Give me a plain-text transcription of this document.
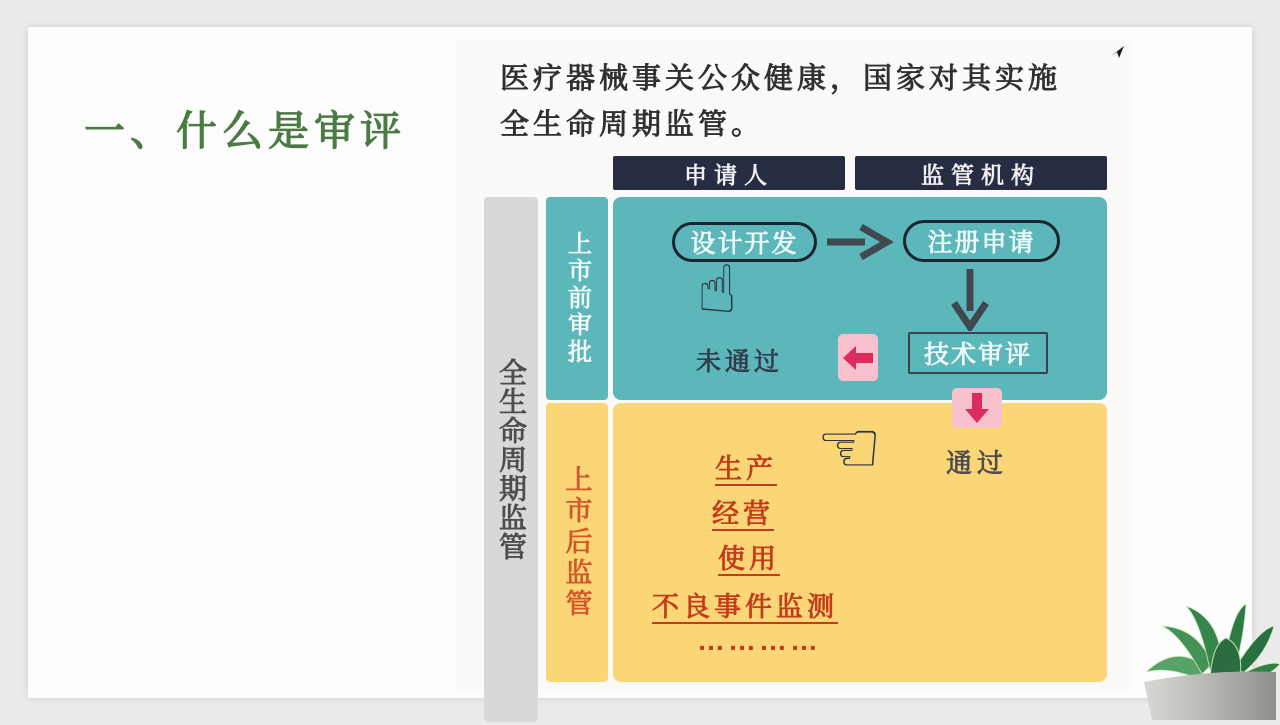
一、什么是审评
医疗器械事关公众健康，国家对其实施
全生命周期监管。
申请人	监管机构
全生命周期监管
上市前审批
上市后监管
设计开发	注册申请
☝
未通过	技术审评
☜ 通过
生产
经营
使用
不良事件监测
…………
